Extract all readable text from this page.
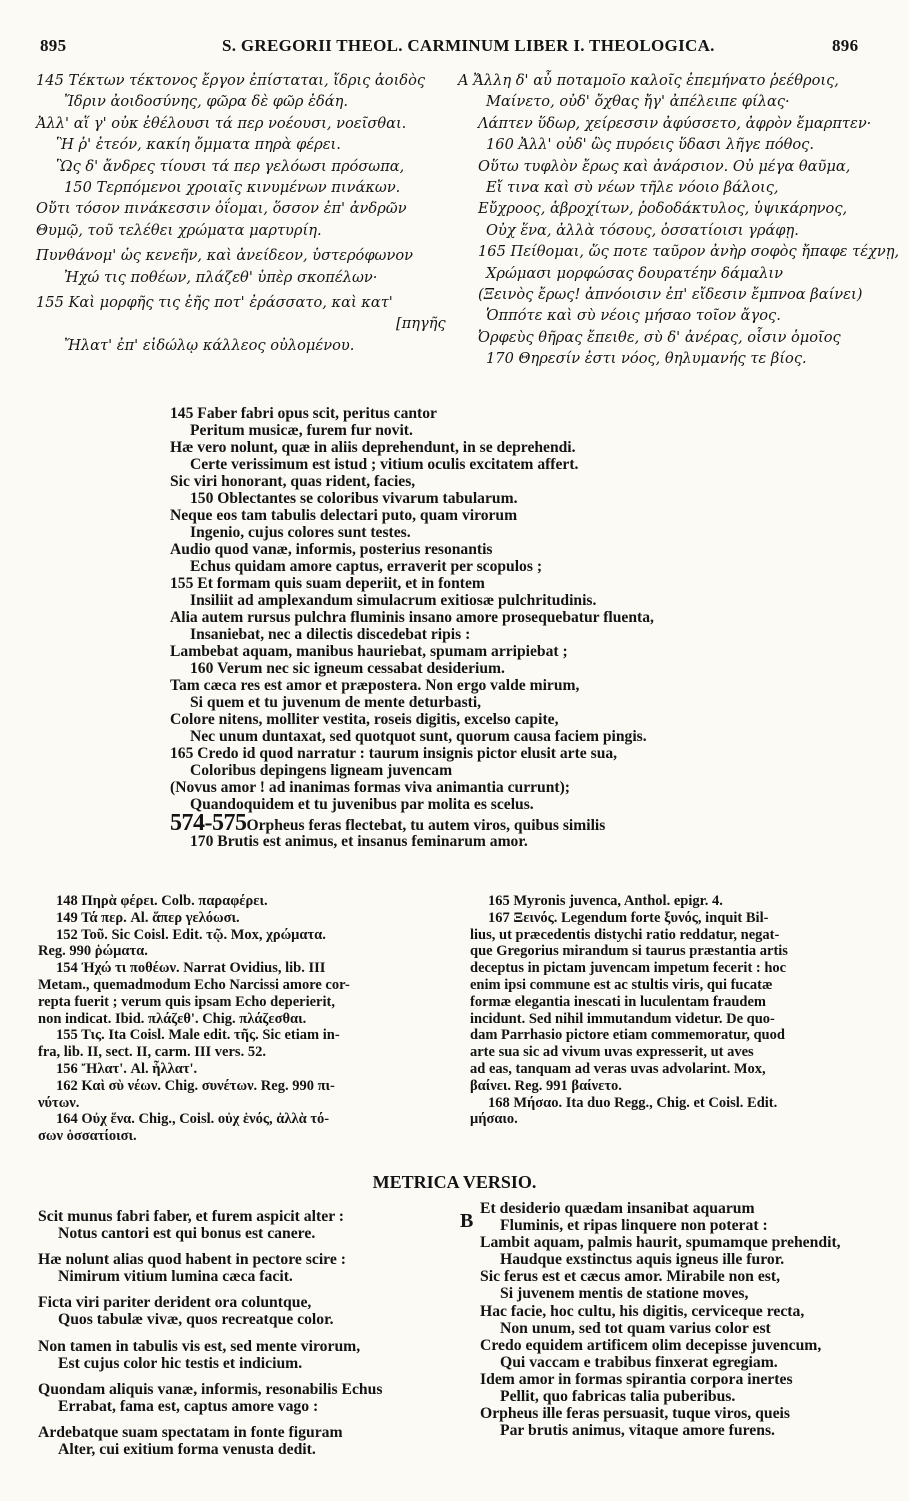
895	S. GREGORII THEOL. CARMINUM LIBER I. THEOLOGICA.	896
145 Τέκτων τέκτονος ἔργον ἐπίσταται, ἴδρις ἀοιδὸς
Ἴδριν ἀοιδοσύνης, φῶρα δὲ φῶρ ἐδάη.
Ἀλλ' αἵ γ' οὐκ ἐθέλουσι τά περ νοέουσι, νοεῖσθαι.
Ἣ ῥ' ἐτεόν, κακίη ὄμματα πηρὰ φέρει.
Ὣς δ' ἄνδρες τίουσι τά περ γελόωσι πρόσωπα,
150 Τερπόμενοι χροιαῖς κινυμένων πινάκων.
Οὔτι τόσον πινάκεσσιν ὀΐομαι, ὅσσον ἐπ' ἀνδρῶν
Θυμῷ, τοῦ τελέθει χρώματα μαρτυρίη.
Πυνθάνομ' ὡς κενεῆν, καὶ ἀνείδεον, ὑστερόφωνον
Ἠχώ τις ποθέων, πλάζεθ' ὑπὲρ σκοπέλων·
155 Καὶ μορφῆς τις ἑῆς ποτ' ἐράσσατο, καὶ κατ'
[πηγῆς
Ἤλατ' ἐπ' εἰδώλῳ κάλλεος οὐλομένου.
A Ἄλλη δ' αὖ ποταμοῖο καλοῖς ἐπεμήνατο ῥεέθροις,
Μαίνετο, οὐδ' ὄχθας ἤγ' ἀπέλειπε φίλας·
Λάπτεν ὕδωρ, χείρεσσιν ἀφύσσετο, ἀφρὸν ἔμαρπτεν·
160 Ἀλλ' οὐδ' ὣς πυρόεις ὕδασι λῆγε πόθος.
Οὕτω τυφλὸν ἔρως καὶ ἀνάρσιον. Οὐ μέγα θαῦμα,
Εἴ τινα καὶ σὺ νέων τῆλε νόοιο βάλοις,
Εὔχροος, ἁβροχίτων, ῥοδοδάκτυλος, ὑψικάρηνος,
Οὐχ ἕνα, ἀλλὰ τόσους, ὁσσατίοισι γράφῃ.
165 Πείθομαι, ὥς ποτε ταῦρον ἀνὴρ σοφὸς ἤπαφε τέχνῃ,
Χρώμασι μορφώσας δουρατέην δάμαλιν
(Ξεινὸς ἔρως! ἀπνόοισιν ἐπ' εἴδεσιν ἔμπνοα βαίνει)
Ὁππότε καὶ σὺ νέοις μήσαο τοῖον ἄγος.
Ὀρφεὺς θῆρας ἔπειθε, σὺ δ' ἀνέρας, οἷσιν ὁμοῖος
170 Θηρεσίν ἐστι νόος, θηλυμανής τε βίος.
145 Faber fabri opus scit, peritus cantor
Peritum musicæ, furem fur novit.
Hæ vero nolunt, quæ in aliis deprehendunt, in se deprehendi.
Certe verissimum est istud ; vitium oculis excitatem affert.
Sic viri honorant, quas rident, facies,
150 Oblectantes se coloribus vivarum tabularum.
Neque eos tam tabulis delectari puto, quam virorum
Ingenio, cujus colores sunt testes.
Audio quod vanæ, informis, posterius resonantis
Echus quidam amore captus, erraverit per scopulos ;
155 Et formam quis suam deperiit, et in fontem
Insiliit ad amplexandum simulacrum exitiosæ pulchritudinis.
Alia autem rursus pulchra fluminis insano amore prosequebatur fluenta,
Insaniebat, nec a dilectis discedebat ripis :
Lambebat aquam, manibus hauriebat, spumam arripiebat ;
160 Verum nec sic igneum cessabat desiderium.
Tam cæca res est amor et præpostera. Non ergo valde mirum,
Si quem et tu juvenum de mente deturbasti,
Colore nitens, molliter vestita, roseis digitis, excelso capite,
Nec unum duntaxat, sed quotquot sunt, quorum causa faciem pingis.
165 Credo id quod narratur : taurum insignis pictor elusit arte sua,
Coloribus depingens ligneam juvencam
(Novus amor ! ad inanimas formas viva animantia currunt);
Quandoquidem et tu juvenibus par molita es scelus.
574-575Orpheus feras flectebat, tu autem viros, quibus similis
170 Brutis est animus, et insanus feminarum amor.
148 Πηρὰ φέρει. Colb. παραφέρει.
149 Τά περ. Al. ἅπερ γελόωσι.
152 Τοῦ. Sic Coisl. Edit. τῷ. Mox, χρώματα.
Reg. 990 ῥώματα.
154 Ἠχώ τι ποθέων. Narrat Ovidius, lib. III
Metam., quemadmodum Echo Narcissi amore cor-
repta fuerit ; verum quis ipsam Echo deperierit,
non indicat. Ibid. πλάζεθ'. Chig. πλάζεσθαι.
155 Τις. Ita Coisl. Male edit. τῆς. Sic etiam in-
fra, lib. II, sect. II, carm. III vers. 52.
156 Ἤλατ'. Al. ἧλλατ'.
162 Καὶ σὺ νέων. Chig. συνέτων. Reg. 990 πι-
νύτων.
164 Οὐχ ἕνα. Chig., Coisl. οὐχ ἑνός, ἀλλὰ τό-
σων ὁσσατίοισι.
165 Myronis juvenca, Anthol. epigr. 4.
167 Ξεινός. Legendum forte ξυνός, inquit Bil-
lius, ut præcedentis distychi ratio reddatur, negat-
que Gregorius mirandum si taurus præstantia artis
deceptus in pictam juvencam impetum fecerit : hoc
enim ipsi commune est ac stultis viris, qui fucatæ
formæ elegantia inescati in luculentam fraudem
incidunt. Sed nihil immutandum videtur. De quo-
dam Parrhasio pictore etiam commemoratur, quod
arte sua sic ad vivum uvas expresserit, ut aves
ad eas, tanquam ad veras uvas advolarint. Mox,
βαίνει. Reg. 991 βαίνετο.
168 Μήσαο. Ita duo Regg., Chig. et Coisl. Edit.
μήσαιο.
METRICA VERSIO.
Scit munus fabri faber, et furem aspicit alter :
Notus cantori est qui bonus est canere.
Hæ nolunt alias quod habent in pectore scire :
Nimirum vitium lumina cæca facit.
Ficta viri pariter derident ora coluntque,
Quos tabulæ vivæ, quos recreatque color.
Non tamen in tabulis vis est, sed mente virorum,
Est cujus color hic testis et indicium.
Quondam aliquis vanæ, informis, resonabilis Echus
Errabat, fama est, captus amore vago :
Ardebatque suam spectatam in fonte figuram
Alter, cui exitium forma venusta dedit.
B
Et desiderio quædam insanibat aquarum
Fluminis, et ripas linquere non poterat :
Lambit aquam, palmis haurit, spumamque prehendit,
Haudque exstinctus aquis igneus ille furor.
Sic ferus est et cæcus amor. Mirabile non est,
Si juvenem mentis de statione moves,
Hac facie, hoc cultu, his digitis, cerviceque recta,
Non unum, sed tot quam varius color est
Credo equidem artificem olim decepisse juvencum,
Qui vaccam e trabibus finxerat egregiam.
Idem amor in formas spirantia corpora inertes
Pellit, quo fabricas talia puberibus.
Orpheus ille feras persuasit, tuque viros, queis
Par brutis animus, vitaque amore furens.
